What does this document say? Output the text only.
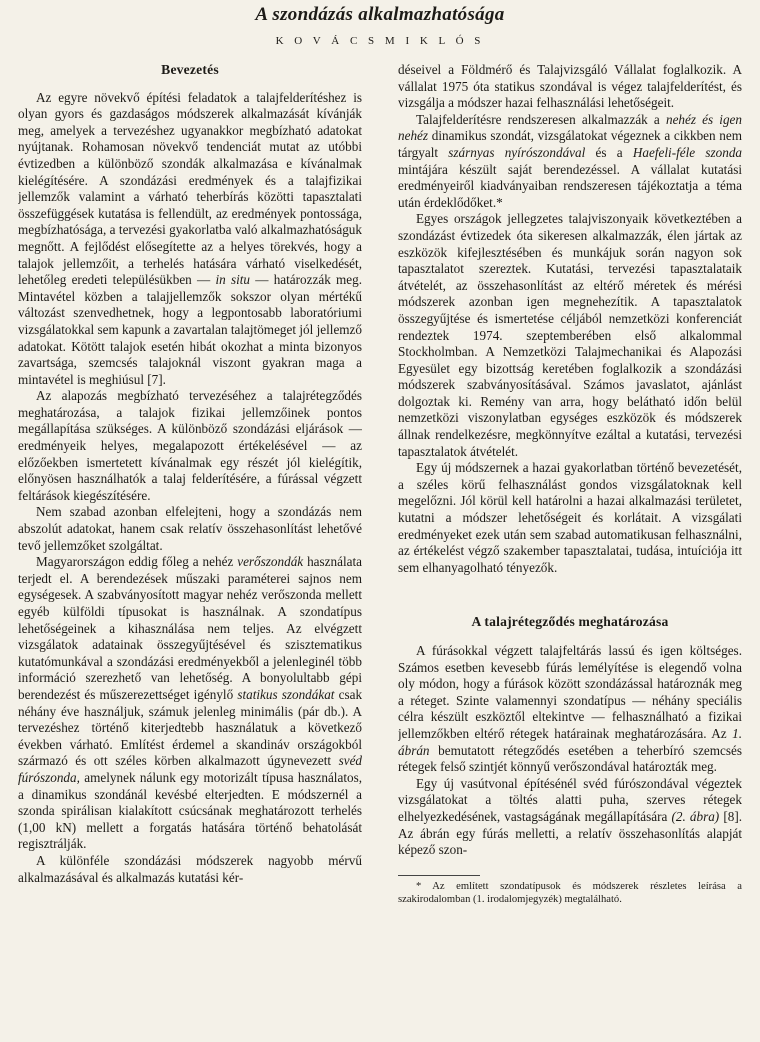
A szondázás alkalmazhatósága
K O V Á C S M I K L Ó S
Bevezetés

Az egyre növekvő építési feladatok a talajfelderítéshez is olyan gyors és gazdaságos módszerek alkalmazását kívánják meg, amelyek a tervezéshez ugyanakkor megbízható adatokat nyújtanak. Rohamosan növekvő tendenciát mutat az utóbbi évtizedben a különböző szondák alkalmazása e kívánalmak kielégítésére. A szondázási eredmények és a talajfizikai jellemzők valamint a várható teherbírás közötti tapasztalati összefüggések kutatása is fellendült, az eredmények pontossága, megbízhatósága, a tervezési gyakorlatba való alkalmazhatóságuk megnőtt. A fejlődést elősegítette az a helyes törekvés, hogy a talajok jellemzőit, a terhelés hatására várható viselkedését, lehetőleg eredeti településükben — in situ — határozzák meg. Mintavétel közben a talajjellemzők sokszor olyan mértékű változást szenvedhetnek, hogy a legpontosabb laboratóriumi vizsgálatokkal sem kapunk a zavartalan talajtömeget jól jellemző adatokat. Kötött talajok esetén hibát okozhat a minta bizonyos zavartsága, szemcsés talajoknál viszont gyakran maga a mintavétel is meghiúsul [7].

Az alapozás megbízható tervezéséhez a talajrétegződés meghatározása, a talajok fizikai jellemzőinek pontos megállapítása szükséges. A különböző szondázási eljárások — eredményeik helyes, megalapozott értékelésével — az előzőekben ismertetett kívánalmak egy részét jól kielégítik, előnyösen használhatók a talaj felderítésére, a fúrással végzett feltárások kiegészítésére.

Nem szabad azonban elfelejteni, hogy a szondázás nem abszolút adatokat, hanem csak relatív összehasonlítást lehetővé tevő jellemzőket szolgáltat.

Magyarországon eddig főleg a nehéz verőszondák használata terjedt el. A berendezések műszaki paraméterei sajnos nem egységesek. A szabványosított magyar nehéz verőszonda mellett egyéb külföldi típusokat is használnak. A szondatípus lehetőségeinek a kihasználása nem teljes. Az elvégzett vizsgálatok adatainak összegyűjtésével és szisztematikus kutatómunkával a szondázási eredményekből a jelenleginél több információ szerezhető van lehetőség. A bonyolultabb gépi berendezést és műszerezettséget igénylő statikus szondákat csak néhány éve használjuk, számuk jelenleg minimális (pár db.). A tervezéshez történő kiterjedtebb használatuk a következő években várható. Említést érdemel a skandináv országokból származó és ott széles körben alkalmazott úgynevezett svéd fúrószonda, amelynek nálunk egy motorizált típusa használatos, a dinamikus szondánál kevésbé elterjedten. E módszernél a szonda spirálisan kialakított csúcsának meghatározott terhelés (1,00 kN) mellett a forgatás hatására történő behatolását regisztrálják.

A különféle szondázási módszerek nagyobb mérvű alkalmazásával és alkalmazás kutatási kér-

déseivel a Földmérő és Talajvizsgáló Vállalat foglalkozik. A vállalat 1975 óta statikus szondával is végez talajfelderítést, és vizsgálja a módszer hazai felhasználási lehetőségeit.

Talajfelderítésre rendszeresen alkalmazzák a nehéz és igen nehéz dinamikus szondát, vizsgálatokat végeznek a cikkben nem tárgyalt szárnyas nyírószondával és a Haefeli-féle szonda mintájára készült saját berendezéssel. A vállalat kutatási eredményeiről kiadványaiban rendszeresen tájékoztatja a téma után érdeklődőket.*

Egyes országok jellegzetes talajviszonyaik következtében a szondázást évtizedek óta sikeresen alkalmazzák, élen jártak az eszközök kifejlesztésében és munkájuk során nagyon sok tapasztalatot szereztek. Kutatási, tervezési tapasztalataik átvételét, az összehasonlítást az eltérő méretek és mérési módszerek azonban igen megnehezítik. A tapasztalatok összegyűjtése és ismertetése céljából nemzetközi konferenciát rendeztek 1974. szeptemberében első alkalommal Stockholmban. A Nemzetközi Talajmechanikai és Alapozási Egyesület egy bizottság keretében foglalkozik a szondázási módszerek szabványosításával. Számos javaslatot, ajánlást dolgoztak ki. Remény van arra, hogy belátható időn belül nemzetközi viszonylatban egységes eszközök és módszerek állnak rendelkezésre, megkönnyítve ezáltal a kutatási, tervezési tapasztalatok átvételét.

Egy új módszernek a hazai gyakorlatban történő bevezetését, a széles körű felhasználást gondos vizsgálatoknak kell megelőzni. Jól körül kell határolni a hazai alkalmazási területet, kutatni a módszer lehetőségeit és korlátait. A vizsgálati eredményeket ezek után sem szabad automatikusan felhasználni, az értékelést végző szakember tapasztalatai, tudása, intuíciója itt sem elhanyagolható tényezők.

A talajrétegződés meghatározása

A fúrásokkal végzett talajfeltárás lassú és igen költséges. Számos esetben kevesebb fúrás lemélyítése is elegendő volna oly módon, hogy a fúrások között szondázással határoznák meg a réteget. Szinte valamennyi szondatípus — néhány speciális célra készült eszköztől eltekintve — felhasználható a fizikai jellemzőkben eltérő rétegek határainak meghatározására. Az 1. ábrán bemutatott rétegződés esetében a teherbíró szemcsés rétegek felső szintjét könnyű verőszondával határozták meg.

Egy új vasútvonal építésénél svéd fúrószondával végeztek vizsgálatokat a töltés alatti puha, szerves rétegek elhelyezkedésének, vastagságának megállapítására (2. ábra) [8]. Az ábrán egy fúrás melletti, a relatív összehasonlítás alapját képező szon-

* Az említett szondatípusok és módszerek részletes leírása a szakirodalomban (1. irodalomjegyzék) megtalálható.
